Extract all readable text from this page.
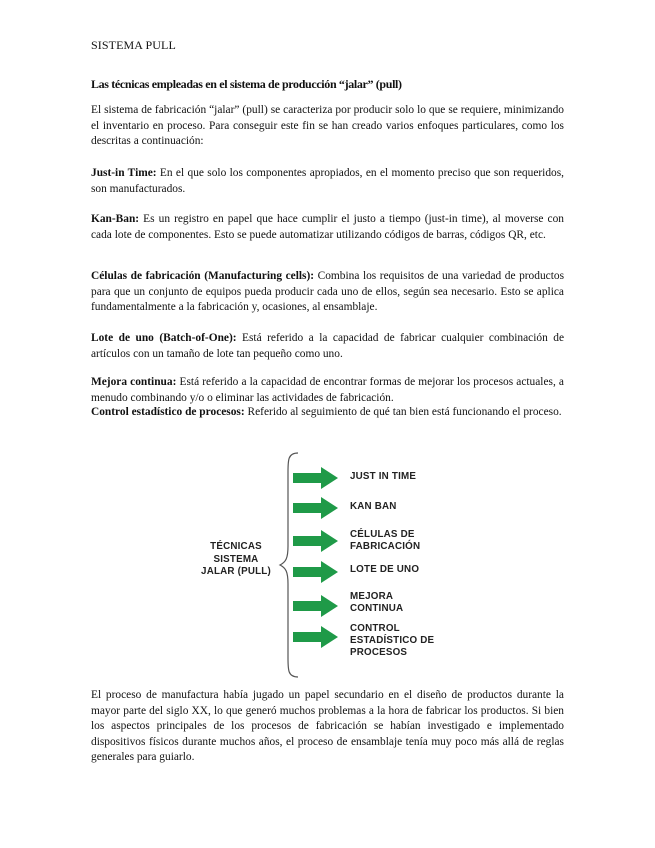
SISTEMA PULL
Las técnicas empleadas en el sistema de producción “jalar” (pull)

El sistema de fabricación “jalar” (pull) se caracteriza por producir solo lo que se requiere, minimizando el inventario en proceso. Para conseguir este fin se han creado varios enfoques particulares, como los descritas a continuación:

Just-in Time: En el que solo los componentes apropiados, en el momento preciso que son requeridos, son manufacturados.

Kan-Ban: Es un registro en papel que hace cumplir el justo a tiempo (just-in time), al moverse con cada lote de componentes. Esto se puede automatizar utilizando códigos de barras, códigos QR, etc.

Células de fabricación (Manufacturing cells): Combina los requisitos de una variedad de productos para que un conjunto de equipos pueda producir cada uno de ellos, según sea necesario. Esto se aplica fundamentalmente a la fabricación y, ocasiones, al ensamblaje.

Lote de uno (Batch-of-One): Está referido a la capacidad de fabricar cualquier combinación de artículos con un tamaño de lote tan pequeño como uno.

Mejora continua: Está referido a la capacidad de encontrar formas de mejorar los procesos actuales, a menudo combinando y/o o eliminar las actividades de fabricación.

Control estadístico de procesos: Referido al seguimiento de qué tan bien está funcionando el proceso.

TÉCNICAS
SISTEMA
JALAR (PULL)
JUST IN TIME
KAN BAN
CÉLULAS DE
FABRICACIÓN
LOTE DE UNO
MEJORA
CONTINUA
CONTROL
ESTADÍSTICO DE
PROCESOS

El proceso de manufactura había jugado un papel secundario en el diseño de productos durante la mayor parte del siglo XX, lo que generó muchos problemas a la hora de fabricar los productos. Si bien los aspectos principales de los procesos de fabricación se habían investigado e implementado dispositivos físicos durante muchos años, el proceso de ensamblaje tenía muy poco más allá de reglas generales para guiarlo.
